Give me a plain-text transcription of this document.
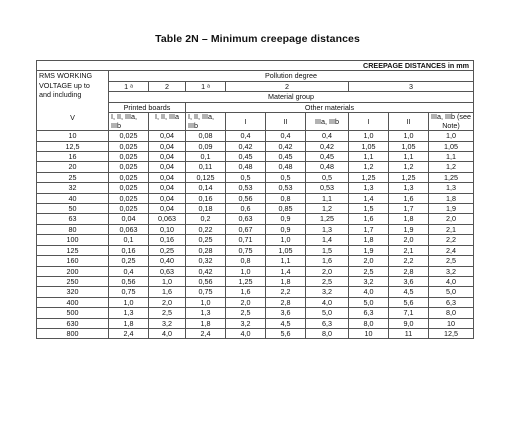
Table 2N – Minimum creepage distances
CREEPAGE DISTANCES in mm									

RMS WORKING
VOLTAGE up to
and including
V	Pollution degree								
	1 ᵃ	2	1 ᵃ	2			3		
	Material group								
	Printed boards		Other materials						
	I, II, IIIa, IIIb	I, II, IIIa	I, II, IIIa, IIIb	I	II	IIIa, IIIb	I	II	IIIa, IIIb (see Note)
10	0,025	0,04	0,08	0,4	0,4	0,4	1,0	1,0	1,0
12,5	0,025	0,04	0,09	0,42	0,42	0,42	1,05	1,05	1,05
16	0,025	0,04	0,1	0,45	0,45	0,45	1,1	1,1	1,1
20	0,025	0,04	0,11	0,48	0,48	0,48	1,2	1,2	1,2
25	0,025	0,04	0,125	0,5	0,5	0,5	1,25	1,25	1,25
32	0,025	0,04	0,14	0,53	0,53	0,53	1,3	1,3	1,3
40	0,025	0,04	0,16	0,56	0,8	1,1	1,4	1,6	1,8
50	0,025	0,04	0,18	0,6	0,85	1,2	1,5	1,7	1,9
63	0,04	0,063	0,2	0,63	0,9	1,25	1,6	1,8	2,0
80	0,063	0,10	0,22	0,67	0,9	1,3	1,7	1,9	2,1
100	0,1	0,16	0,25	0,71	1,0	1,4	1,8	2,0	2,2
125	0,16	0,25	0,28	0,75	1,05	1,5	1,9	2,1	2,4
160	0,25	0,40	0,32	0,8	1,1	1,6	2,0	2,2	2,5
200	0,4	0,63	0,42	1,0	1,4	2,0	2,5	2,8	3,2
250	0,56	1,0	0,56	1,25	1,8	2,5	3,2	3,6	4,0
320	0,75	1,6	0,75	1,6	2,2	3,2	4,0	4,5	5,0
400	1,0	2,0	1,0	2,0	2,8	4,0	5,0	5,6	6,3
500	1,3	2,5	1,3	2,5	3,6	5,0	6,3	7,1	8,0
630	1,8	3,2	1,8	3,2	4,5	6,3	8,0	9,0	10
800	2,4	4,0	2,4	4,0	5,6	8,0	10	11	12,5
